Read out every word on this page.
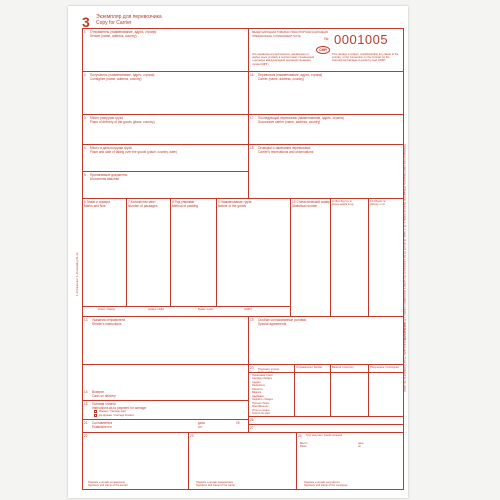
3 Экземпляр для перевозчика
Copy for Carrier
№ 0001005
CMR
МЕЖДУНАРОДНАЯ ТОВАРНО-ТРАНСПОРТНАЯ НАКЛАДНАЯ
INTERNATIONAL CONSIGNMENT NOTE
Эта перевозка осуществляется, независимо от любых иных условий, в соответствии с Конвенцией о договоре международной дорожной перевозки грузов (КДПГ)
This carriage is subject, notwithstanding any clause to the contrary, to the Convention on the Contract for the International Carriage of goods by road (CMR)
1 Отправитель (наименование, адрес, страна)
Sender (name, address, country)
2 Получатель (наименование, адрес, страна)
Consignee (name, address, country)
16 Перевозчик (наименование, адрес, страна)
Carrier (name, address, country)
3 Место разгрузки груза
Place of delivery of the goods (place, country)
17 Последующий перевозчик (наименование, адрес, страна)
Successive carrier (name, address, country)
4 Место и дата погрузки груза
Place and date of taking over the goods (place, country, date)
18 Оговорки и замечания перевозчика
Carrier's reservations and observations
5 Прилагаемые документы
Documents attached
6 Знаки и номера
Marks and Nos
7 Количество мест
Number of packages
8 Род упаковки
Method of packing
9 Наименование груза
Nature of the goods
10 Статистический номер
Statistical number
11 Вес брутто, кг
Gross weight in kg
12 Объем, м³
Volume in m³
Класс / Klasse	Цифра / Ziffer	Буква / Letter	(ADR*)
13 Указания отправителя
Sender's instructions
19 Особые согласованные условия
Special agreements
20 Подлежит оплате
To be paid by
Отправитель / Sender	Валюта / Currency	Получатель / Consignee
Провозная плата
Carriage charges
Скидки
Deductions
Разность
Balance
Надбавки
Supplem. charges
Прочие сборы
Miscellaneous
Итого к оплате
Total to be paid
14 Возврат
Cash on delivery
15 Условия оплаты
Instructions as to payment for carriage
Франко / Carriage paid
Не франко / Carriage forward
21 Составлена в
Established in
дата
on
25
26
27
22	23	24 Груз получен / Goods received
Место
Place
дата
on
Подпись и штамп отправителя
Signature and stamp of the sender
Подпись и штамп перевозчика
Signature and stamp of the carrier
Подпись и штамп получателя
Signature and stamp of the consignee
Заполняется под ответственность отправителя. Включая графы 1-15, а также 19+21+22 (To be completed on the sender's responsibility including 1-15 and 19+21+22)
Заполняется перевозчиком / To be completed by the carrier
1–15 включая / 1–15 including 19–22
